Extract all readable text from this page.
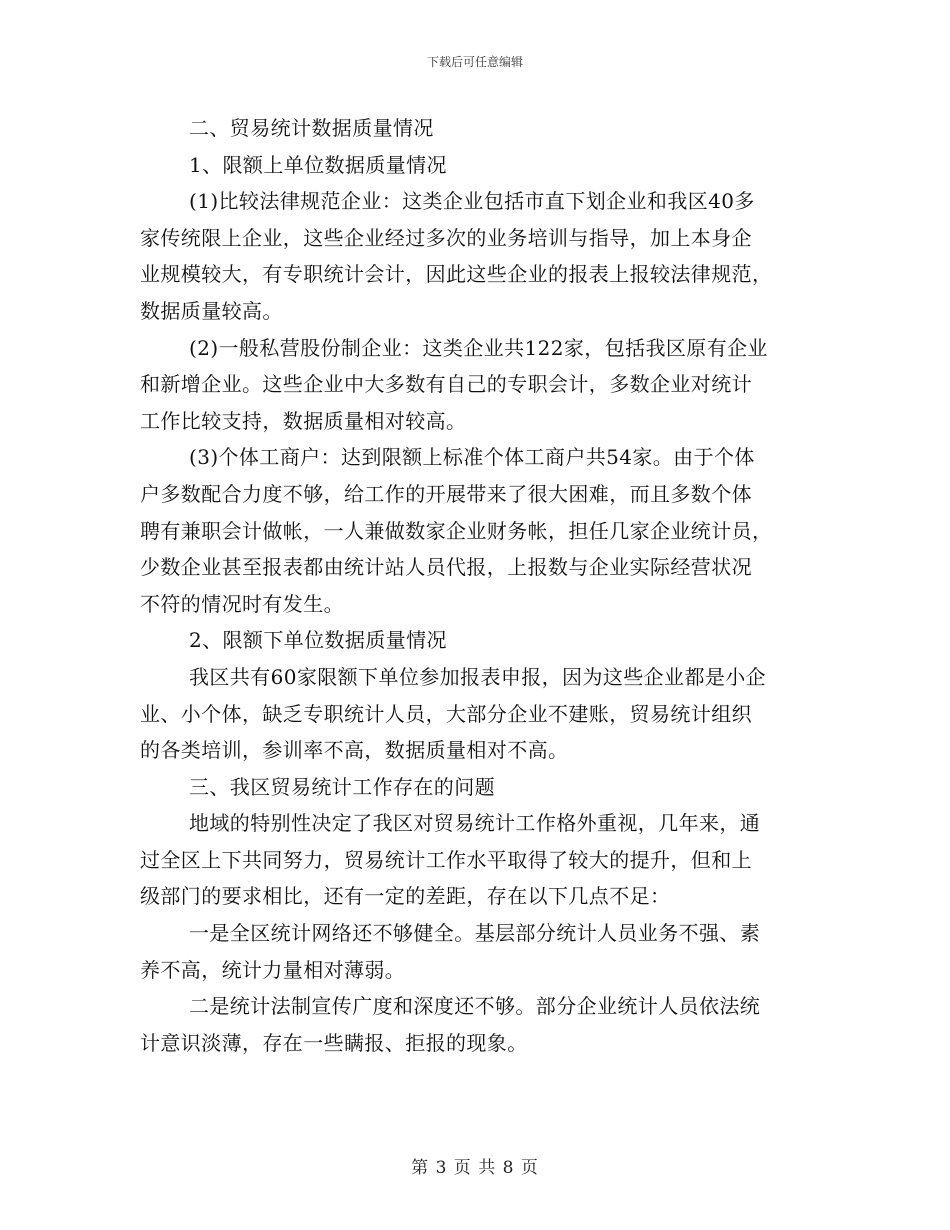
下载后可任意编辑
二、贸易统计数据质量情况
1、限额上单位数据质量情况
(1)比较法律规范企业：这类企业包括市直下划企业和我区40多
家传统限上企业，这些企业经过多次的业务培训与指导，加上本身企
业规模较大，有专职统计会计，因此这些企业的报表上报较法律规范，
数据质量较高。
(2)一般私营股份制企业：这类企业共122家，包括我区原有企业
和新增企业。这些企业中大多数有自己的专职会计，多数企业对统计
工作比较支持，数据质量相对较高。
(3)个体工商户：达到限额上标准个体工商户共54家。由于个体
户多数配合力度不够，给工作的开展带来了很大困难，而且多数个体
聘有兼职会计做帐，一人兼做数家企业财务帐，担任几家企业统计员，
少数企业甚至报表都由统计站人员代报，上报数与企业实际经营状况
不符的情况时有发生。
2、限额下单位数据质量情况
我区共有60家限额下单位参加报表申报，因为这些企业都是小企
业、小个体，缺乏专职统计人员，大部分企业不建账，贸易统计组织
的各类培训，参训率不高，数据质量相对不高。
三、我区贸易统计工作存在的问题
地域的特别性决定了我区对贸易统计工作格外重视，几年来，通
过全区上下共同努力，贸易统计工作水平取得了较大的提升，但和上
级部门的要求相比，还有一定的差距，存在以下几点不足：
一是全区统计网络还不够健全。基层部分统计人员业务不强、素
养不高，统计力量相对薄弱。
二是统计法制宣传广度和深度还不够。部分企业统计人员依法统
计意识淡薄，存在一些瞒报、拒报的现象。
第 3 页 共 8 页
